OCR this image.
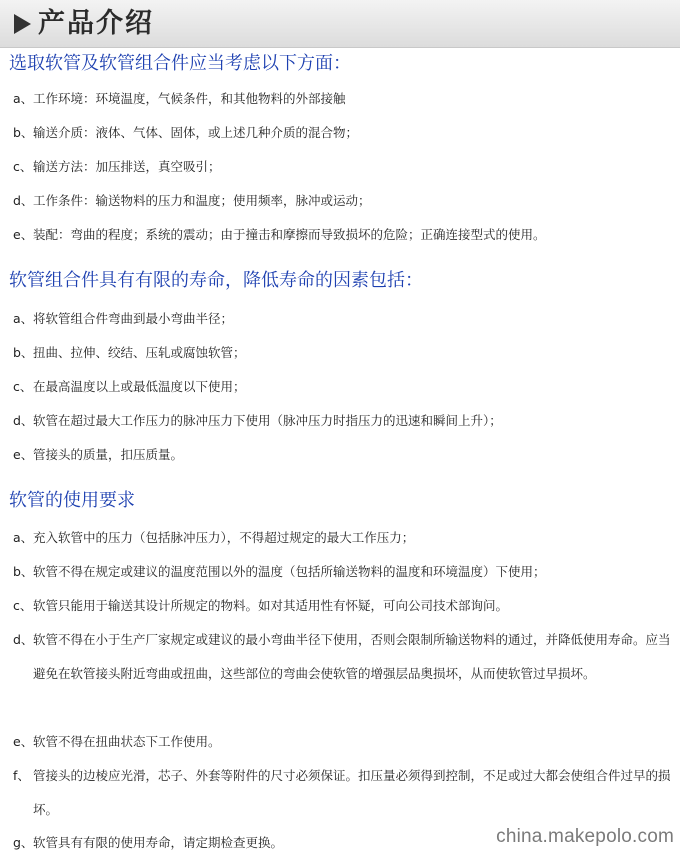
产品介绍
选取软管及软管组合件应当考虑以下方面：
a、工作环境：环境温度，气候条件，和其他物料的外部接触
b、输送介质：液体、气体、固体，或上述几种介质的混合物；
c、输送方法：加压排送，真空吸引；
d、工作条件：输送物料的压力和温度；使用频率，脉冲或运动；
e、装配：弯曲的程度；系统的震动；由于撞击和摩擦而导致损坏的危险；正确连接型式的使用。
软管组合件具有有限的寿命，降低寿命的因素包括：
a、将软管组合件弯曲到最小弯曲半径；
b、扭曲、拉伸、绞结、压轧或腐蚀软管；
c、在最高温度以上或最低温度以下使用；
d、软管在超过最大工作压力的脉冲压力下使用（脉冲压力时指压力的迅速和瞬间上升）；
e、管接头的质量，扣压质量。
软管的使用要求
a、充入软管中的压力（包括脉冲压力），不得超过规定的最大工作压力；
b、软管不得在规定或建议的温度范围以外的温度（包括所输送物料的温度和环境温度）下使用；
c、软管只能用于输送其设计所规定的物料。如对其适用性有怀疑，可向公司技术部询问。
d、 软管不得在小于生产厂家规定或建议的最小弯曲半径下使用，否则会限制所输送物料的通过，并降低使用寿命。应当避免在软管接头附近弯曲或扭曲，这些部位的弯曲会使软管的增强层品奥损坏，从而使软管过早损坏。
e、软管不得在扭曲状态下工作使用。
f、 管接头的边棱应光滑，芯子、外套等附件的尺寸必须保证。扣压量必须得到控制，不足或过大都会使组合件过早的损坏。
g、软管具有有限的使用寿命，请定期检查更换。	china.makepolo.com
